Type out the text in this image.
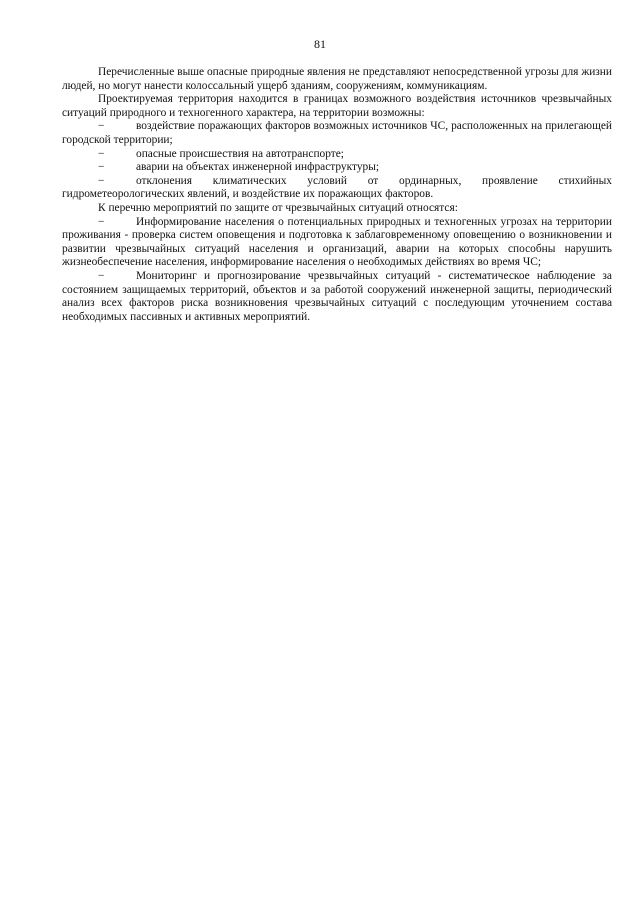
81

Перечисленные выше опасные природные явления не представляют непосредственной угрозы для жизни людей, но могут нанести колоссальный ущерб зданиям, сооружениям, коммуникациям.

Проектируемая территория находится в границах возможного воздействия источников чрезвычайных ситуаций природного и техногенного характера, на территории возможны:

−	воздействие поражающих факторов возможных источников ЧС, расположенных на прилегающей городской территории;

−	опасные происшествия на автотранспорте;

−	аварии на объектах инженерной инфраструктуры;

−	отклонения климатических условий от ординарных, проявление стихийных гидрометеорологических явлений, и воздействие их поражающих факторов.

К перечню мероприятий по защите от чрезвычайных ситуаций относятся:

−	Информирование населения о потенциальных природных и техногенных угрозах на территории проживания - проверка систем оповещения и подготовка к заблаговременному оповещению о возникновении и развитии чрезвычайных ситуаций населения и организаций, аварии на которых способны нарушить жизнеобеспечение населения, информирование населения о необходимых действиях во время ЧС;

−	Мониторинг и прогнозирование чрезвычайных ситуаций - систематическое наблюдение за состоянием защищаемых территорий, объектов и за работой сооружений инженерной защиты, периодический анализ всех факторов риска возникновения чрезвычайных ситуаций с последующим уточнением состава необходимых пассивных и активных мероприятий.
